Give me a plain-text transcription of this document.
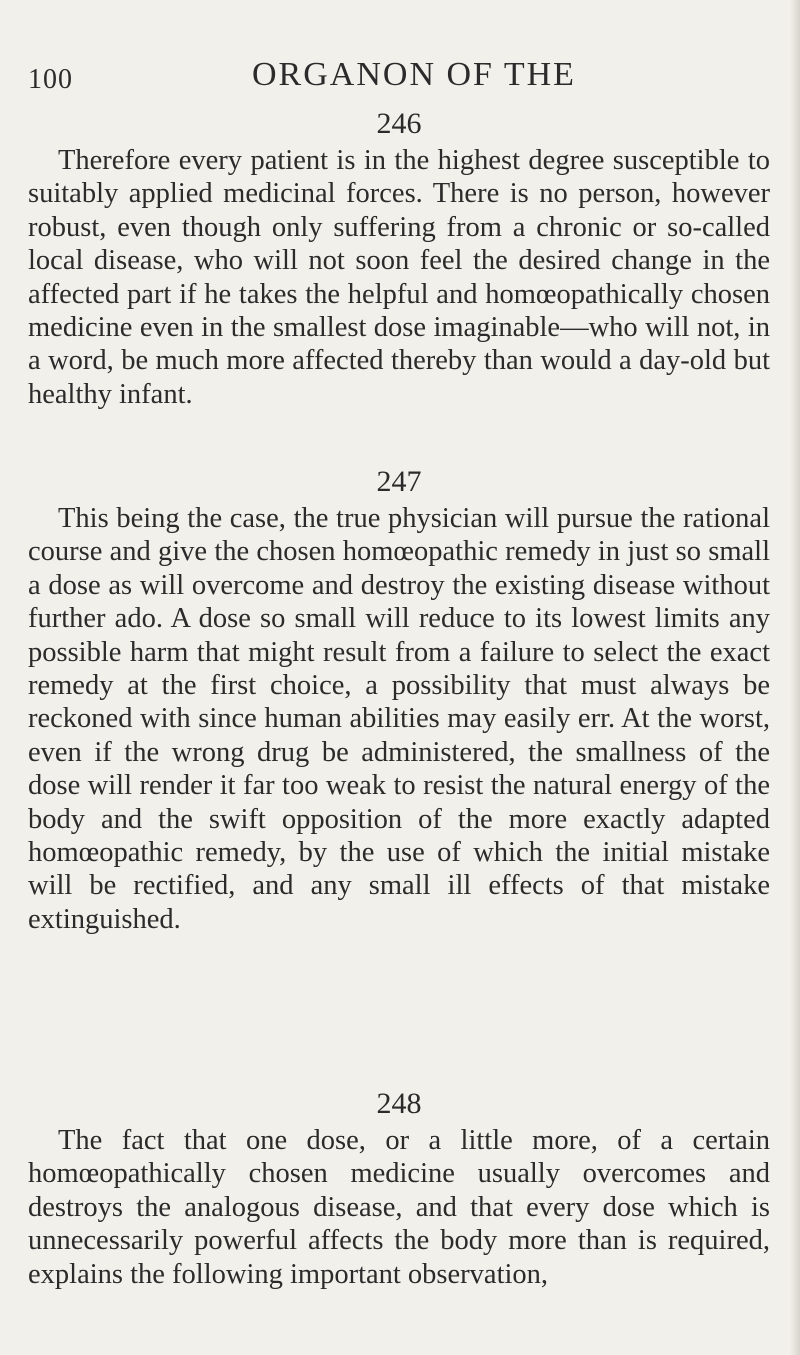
100	ORGANON OF THE
246

Therefore every patient is in the highest degree susceptible to suitably applied medicinal forces. There is no person, however robust, even though only suffering from a chronic or so-called local disease, who will not soon feel the desired change in the affected part if he takes the helpful and homœopathically chosen medicine even in the smallest dose imaginable—who will not, in a word, be much more affected thereby than would a day-old but healthy infant.

247

This being the case, the true physician will pursue the rational course and give the chosen homœopathic remedy in just so small a dose as will overcome and destroy the existing disease without further ado. A dose so small will reduce to its lowest limits any possible harm that might result from a failure to select the exact remedy at the first choice, a possibility that must always be reckoned with since human abilities may easily err. At the worst, even if the wrong drug be administered, the smallness of the dose will render it far too weak to resist the natural energy of the body and the swift opposition of the more exactly adapted homœopathic remedy, by the use of which the initial mistake will be rectified, and any small ill effects of that mistake extinguished.

248

The fact that one dose, or a little more, of a certain homœopathically chosen medicine usually overcomes and destroys the analogous disease, and that every dose which is unnecessarily powerful affects the body more than is required, explains the following important observation,
